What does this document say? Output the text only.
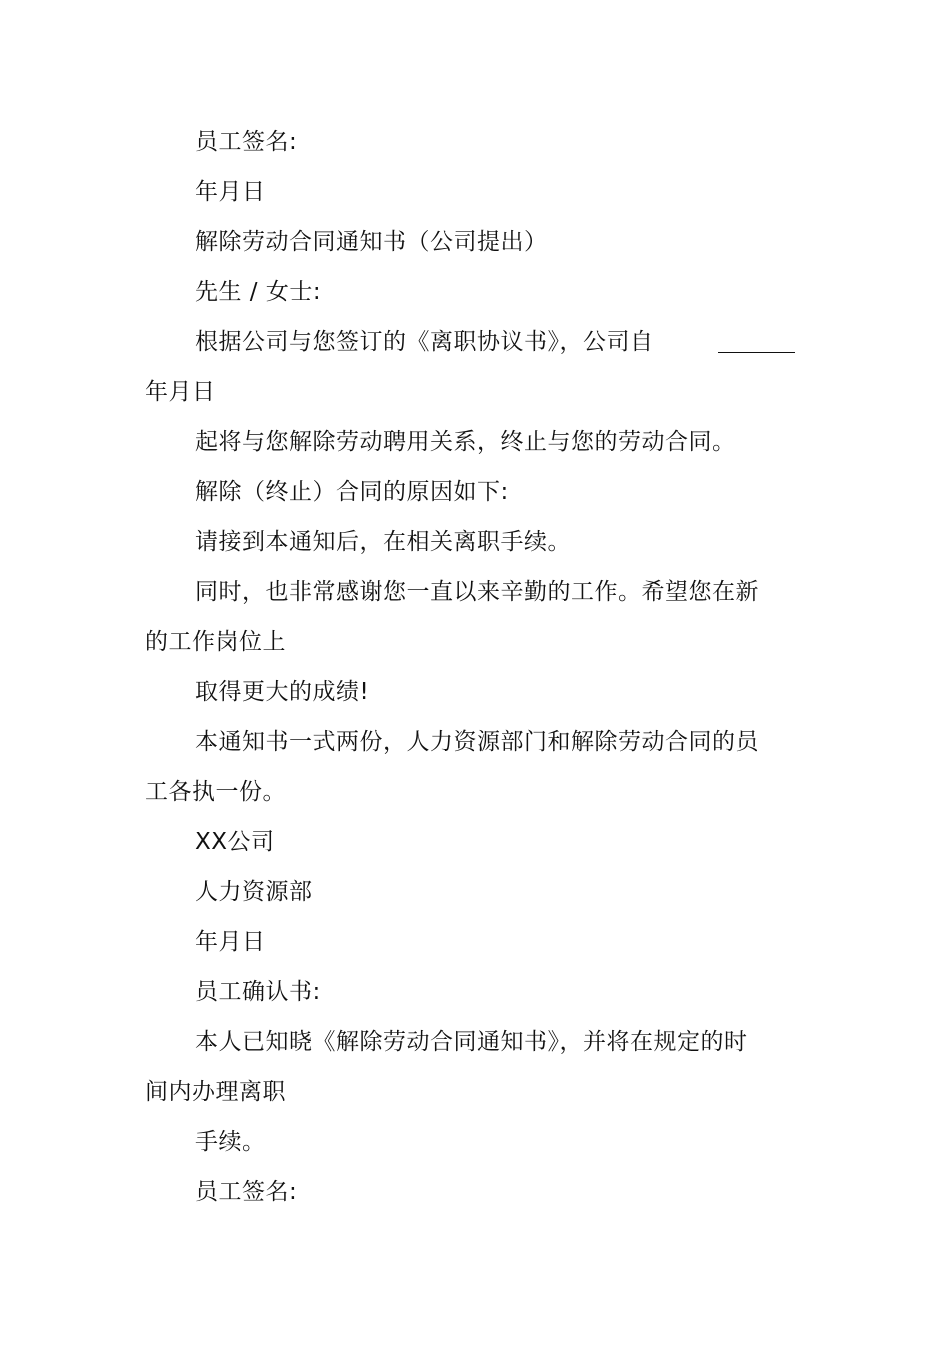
员工签名:
年月日
解除劳动合同通知书（公司提出）
先生 / 女士:
根据公司与您签订的《离职协议书》，公司自
年月日
起将与您解除劳动聘用关系，终止与您的劳动合同。
解除（终止）合同的原因如下:
请接到本通知后，在相关离职手续。
同时，也非常感谢您一直以来辛勤的工作。希望您在新
的工作岗位上
取得更大的成绩!
本通知书一式两份，人力资源部门和解除劳动合同的员
工各执一份。
XX公司
人力资源部
年月日
员工确认书:
本人已知晓《解除劳动合同通知书》，并将在规定的时
间内办理离职
手续。
员工签名:
